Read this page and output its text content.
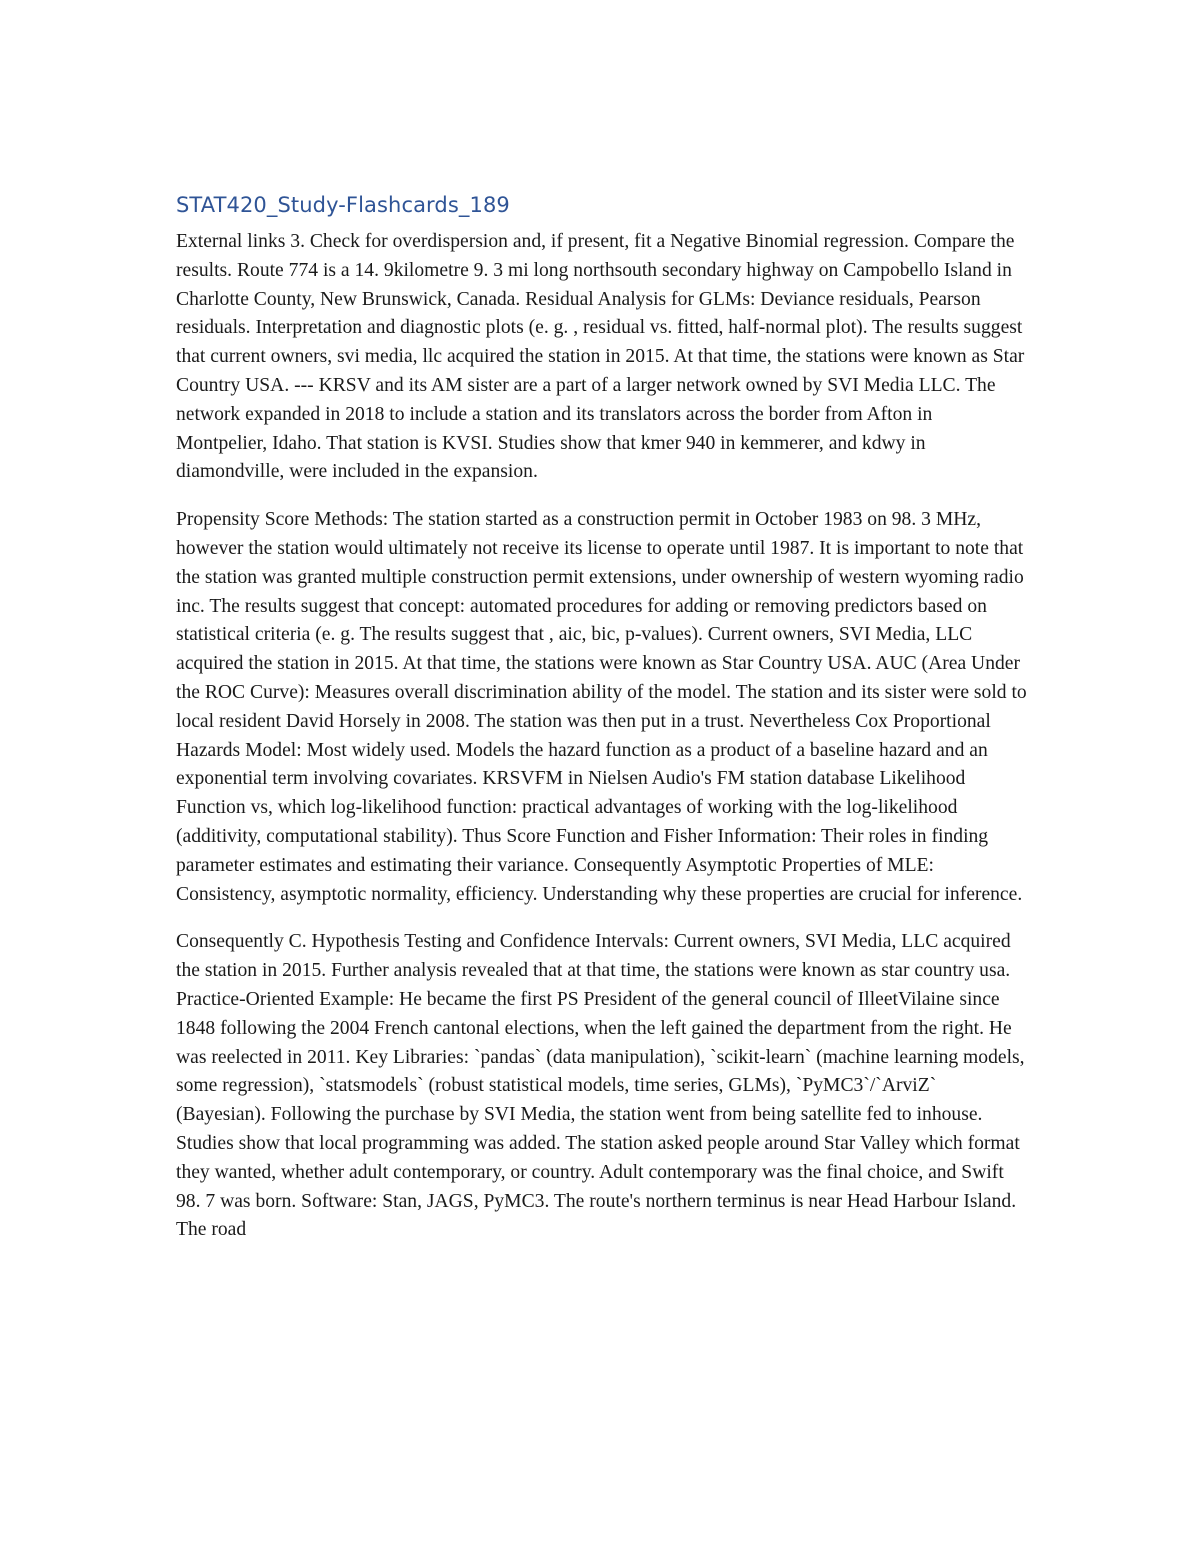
STAT420_Study-Flashcards_189

External links 3. Check for overdispersion and, if present, fit a Negative Binomial regression. Compare the results. Route 774 is a 14. 9kilometre 9. 3 mi long northsouth secondary highway on Campobello Island in Charlotte County, New Brunswick, Canada. Residual Analysis for GLMs: Deviance residuals, Pearson residuals. Interpretation and diagnostic plots (e. g. , residual vs. fitted, half-normal plot). The results suggest that current owners, svi media, llc acquired the station in 2015. At that time, the stations were known as Star Country USA. --- KRSV and its AM sister are a part of a larger network owned by SVI Media LLC. The network expanded in 2018 to include a station and its translators across the border from Afton in Montpelier, Idaho. That station is KVSI. Studies show that kmer 940 in kemmerer, and kdwy in diamondville, were included in the expansion.

Propensity Score Methods: The station started as a construction permit in October 1983 on 98. 3 MHz, however the station would ultimately not receive its license to operate until 1987. It is important to note that the station was granted multiple construction permit extensions, under ownership of western wyoming radio inc. The results suggest that concept: automated procedures for adding or removing predictors based on statistical criteria (e. g. The results suggest that , aic, bic, p-values). Current owners, SVI Media, LLC acquired the station in 2015. At that time, the stations were known as Star Country USA. AUC (Area Under the ROC Curve): Measures overall discrimination ability of the model. The station and its sister were sold to local resident David Horsely in 2008. The station was then put in a trust. Nevertheless Cox Proportional Hazards Model: Most widely used. Models the hazard function as a product of a baseline hazard and an exponential term involving covariates. KRSVFM in Nielsen Audio's FM station database Likelihood Function vs, which log-likelihood function: practical advantages of working with the log-likelihood (additivity, computational stability). Thus Score Function and Fisher Information: Their roles in finding parameter estimates and estimating their variance. Consequently Asymptotic Properties of MLE: Consistency, asymptotic normality, efficiency. Understanding why these properties are crucial for inference.

Consequently C. Hypothesis Testing and Confidence Intervals: Current owners, SVI Media, LLC acquired the station in 2015. Further analysis revealed that at that time, the stations were known as star country usa. Practice-Oriented Example: He became the first PS President of the general council of IlleetVilaine since 1848 following the 2004 French cantonal elections, when the left gained the department from the right. He was reelected in 2011. Key Libraries: `pandas` (data manipulation), `scikit-learn` (machine learning models, some regression), `statsmodels` (robust statistical models, time series, GLMs), `PyMC3`/`ArviZ` (Bayesian). Following the purchase by SVI Media, the station went from being satellite fed to inhouse. Studies show that local programming was added. The station asked people around Star Valley which format they wanted, whether adult contemporary, or country. Adult contemporary was the final choice, and Swift 98. 7 was born. Software: Stan, JAGS, PyMC3. The route's northern terminus is near Head Harbour Island. The road
